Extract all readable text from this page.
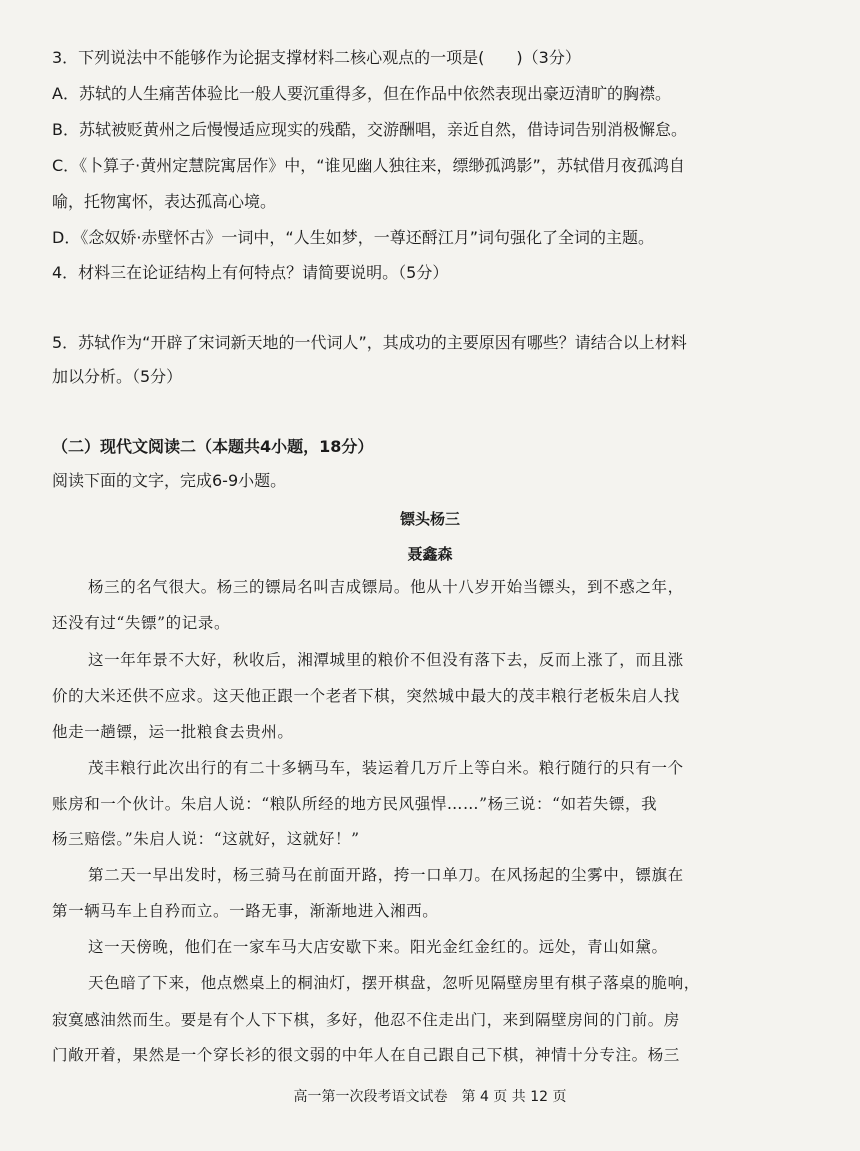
3．下列说法中不能够作为论据支撑材料二核心观点的一项是(　　)（3分）
A．苏轼的人生痛苦体验比一般人要沉重得多，但在作品中依然表现出豪迈清旷的胸襟。
B．苏轼被贬黄州之后慢慢适应现实的残酷，交游酬唱，亲近自然，借诗词告别消极懈怠。
C．《卜算子·黄州定慧院寓居作》中，“谁见幽人独往来，缥缈孤鸿影”，苏轼借月夜孤鸿自
喻，托物寓怀，表达孤高心境。
D．《念奴娇·赤壁怀古》一词中，“人生如梦，一尊还酹江月”词句强化了全词的主题。
4．材料三在论证结构上有何特点？请简要说明。（5分）
5．苏轼作为“开辟了宋词新天地的一代词人”，其成功的主要原因有哪些？请结合以上材料
加以分析。（5分）
（二）现代文阅读二（本题共4小题，18分）
阅读下面的文字，完成6-9小题。
镖头杨三
聂鑫森
杨三的名气很大。杨三的镖局名叫吉成镖局。他从十八岁开始当镖头，到不惑之年，
还没有过“失镖”的记录。
这一年年景不大好，秋收后，湘潭城里的粮价不但没有落下去，反而上涨了，而且涨
价的大米还供不应求。这天他正跟一个老者下棋，突然城中最大的茂丰粮行老板朱启人找
他走一趟镖，运一批粮食去贵州。
茂丰粮行此次出行的有二十多辆马车，装运着几万斤上等白米。粮行随行的只有一个
账房和一个伙计。朱启人说：“粮队所经的地方民风强悍……”杨三说：“如若失镖，我
杨三赔偿。”朱启人说：“这就好，这就好！”
第二天一早出发时，杨三骑马在前面开路，挎一口单刀。在风扬起的尘雾中，镖旗在
第一辆马车上自矜而立。一路无事，渐渐地进入湘西。
这一天傍晚，他们在一家车马大店安歇下来。阳光金红金红的。远处，青山如黛。
天色暗了下来，他点燃桌上的桐油灯，摆开棋盘，忽听见隔壁房里有棋子落桌的脆响，
寂寞感油然而生。要是有个人下下棋，多好，他忍不住走出门，来到隔壁房间的门前。房
门敞开着，果然是一个穿长衫的很文弱的中年人在自己跟自己下棋，神情十分专注。杨三
高一第一次段考语文试卷　第 4 页 共 12 页
